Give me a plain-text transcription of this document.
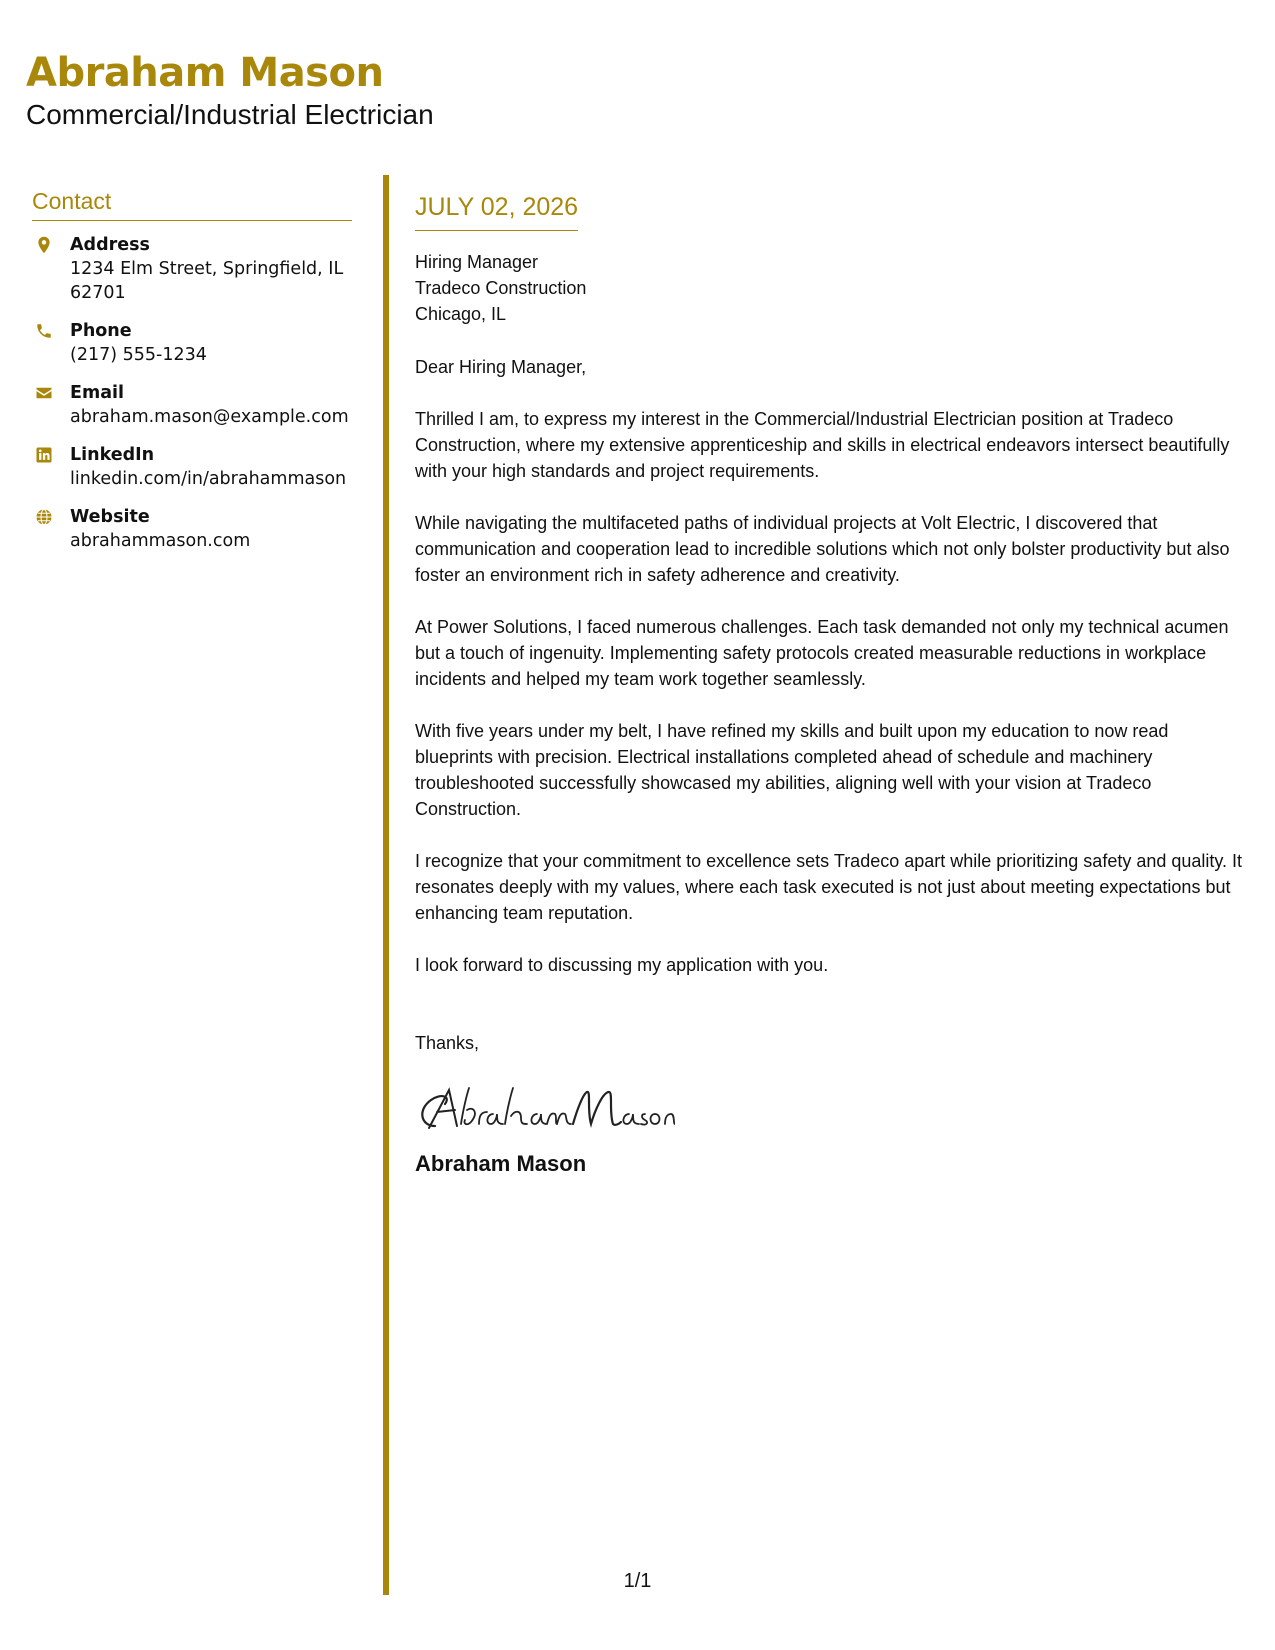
Abraham Mason
Commercial/Industrial Electrician
Contact
Address
1234 Elm Street, Springfield, IL 62701
Phone
(217) 555-1234
Email
abraham.mason@example.com
LinkedIn
linkedin.com/in/abrahammason
Website
abrahammason.com
JULY 02, 2026
Hiring Manager
Tradeco Construction
Chicago, IL
Dear Hiring Manager,
Thrilled I am, to express my interest in the Commercial/Industrial Electrician position at Tradeco Construction, where my extensive apprenticeship and skills in electrical endeavors intersect beautifully with your high standards and project requirements.
While navigating the multifaceted paths of individual projects at Volt Electric, I discovered that communication and cooperation lead to incredible solutions which not only bolster productivity but also foster an environment rich in safety adherence and creativity.
At Power Solutions, I faced numerous challenges. Each task demanded not only my technical acumen but a touch of ingenuity. Implementing safety protocols created measurable reductions in workplace incidents and helped my team work together seamlessly.
With five years under my belt, I have refined my skills and built upon my education to now read blueprints with precision. Electrical installations completed ahead of schedule and machinery troubleshooted successfully showcased my abilities, aligning well with your vision at Tradeco Construction.
I recognize that your commitment to excellence sets Tradeco apart while prioritizing safety and quality. It resonates deeply with my values, where each task executed is not just about meeting expectations but enhancing team reputation.
I look forward to discussing my application with you.
Thanks,
Abraham Mason
1/1
